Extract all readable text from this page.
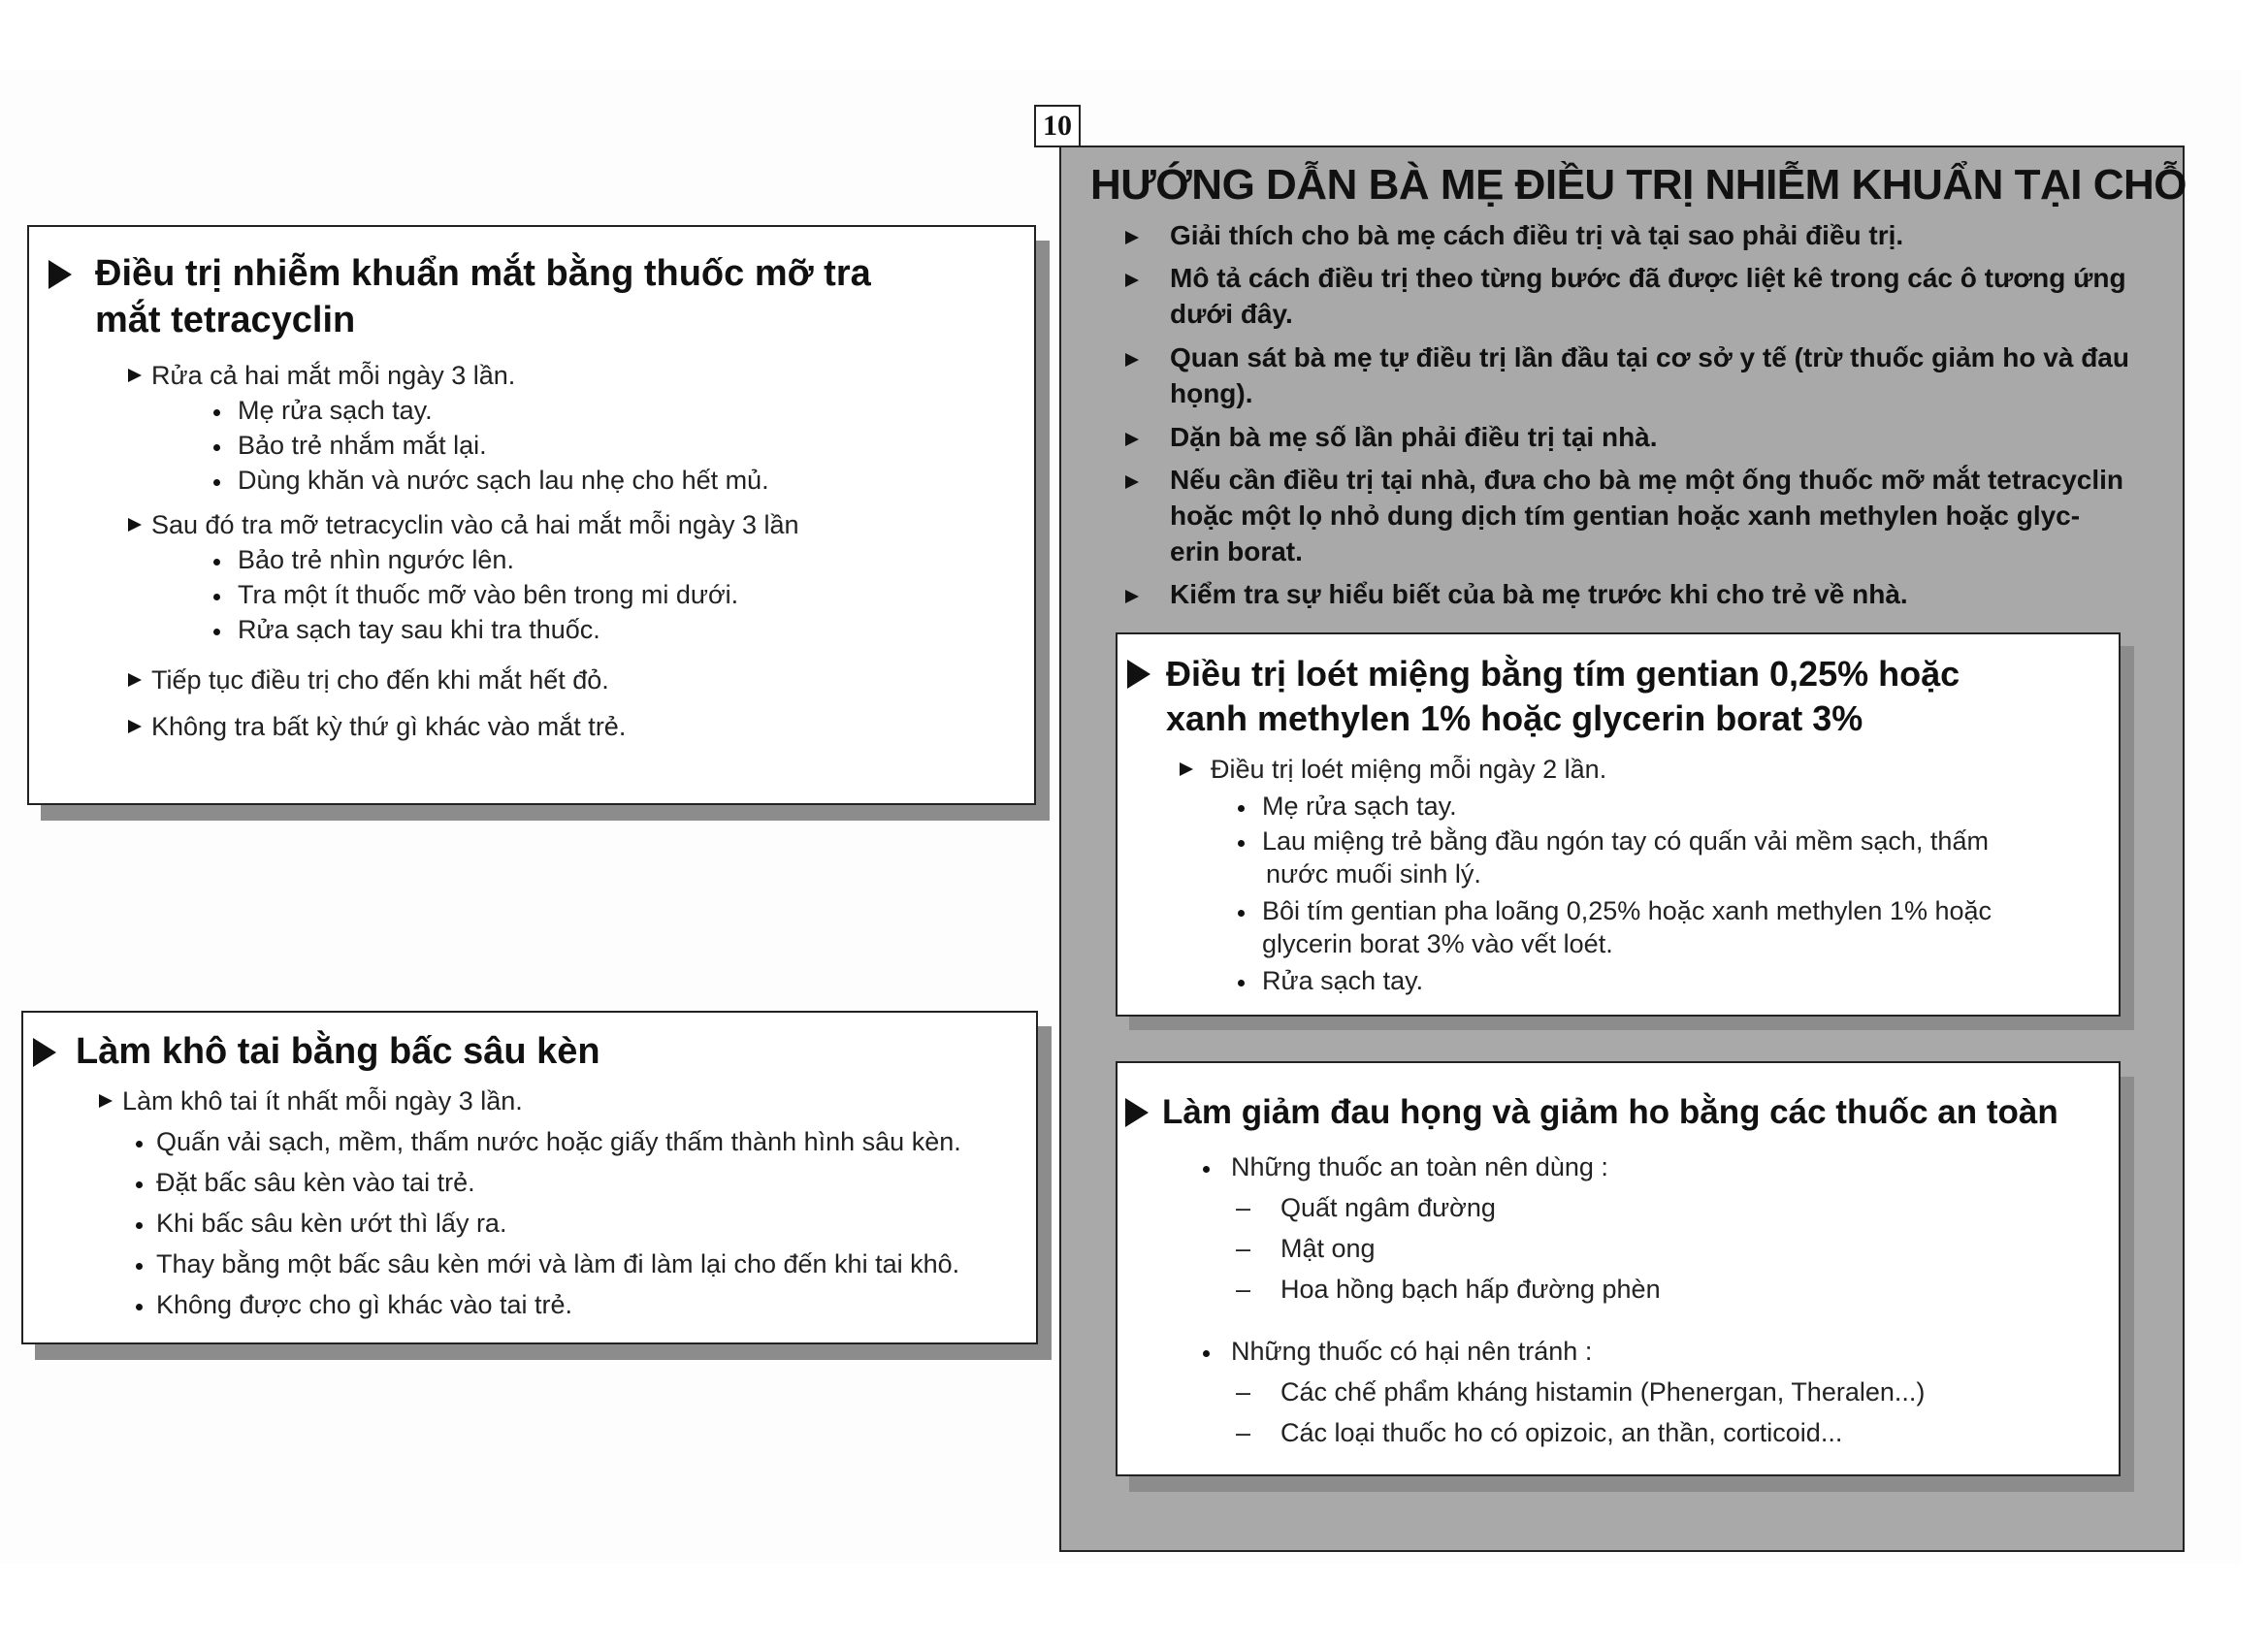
10
Điều trị nhiễm khuẩn mắt bằng thuốc mỡ tra
mắt tetracyclin
Rửa cả hai mắt mỗi ngày 3 lần.
Mẹ rửa sạch tay.
Bảo trẻ nhắm mắt lại.
Dùng khăn và nước sạch lau nhẹ cho hết mủ.
Sau đó tra mỡ tetracyclin vào cả hai mắt mỗi ngày 3 lần
Bảo trẻ nhìn ngước lên.
Tra một ít thuốc mỡ vào bên trong mi dưới.
Rửa sạch tay sau khi tra thuốc.
Tiếp tục điều trị cho đến khi mắt hết đỏ.
Không tra bất kỳ thứ gì khác vào mắt trẻ.
Làm khô tai bằng bấc sâu kèn
Làm khô tai ít nhất mỗi ngày 3 lần.
Quấn vải sạch, mềm, thấm nước hoặc giấy thấm thành hình sâu kèn.
Đặt bấc sâu kèn vào tai trẻ.
Khi bấc sâu kèn ướt thì lấy ra.
Thay bằng một bấc sâu kèn mới và làm đi làm lại cho đến khi tai khô.
Không được cho gì khác vào tai trẻ.
HƯỚNG DẪN BÀ MẸ ĐIỀU TRỊ NHIỄM KHUẨN TẠI CHỖ
Giải thích cho bà mẹ cách điều trị và tại sao phải điều trị.
Mô tả cách điều trị theo từng bước đã được liệt kê trong các ô tương ứng
dưới đây.
Quan sát bà mẹ tự điều trị lần đầu tại cơ sở y tế (trừ thuốc giảm ho và đau
họng).
Dặn bà mẹ số lần phải điều trị tại nhà.
Nếu cần điều trị tại nhà, đưa cho bà mẹ một ống thuốc mỡ mắt tetracyclin
hoặc một lọ nhỏ dung dịch tím gentian hoặc xanh methylen hoặc glyc-
erin borat.
Kiểm tra sự hiểu biết của bà mẹ trước khi cho trẻ về nhà.
Điều trị loét miệng bằng tím gentian 0,25% hoặc
xanh methylen 1% hoặc glycerin borat 3%
Điều trị loét miệng mỗi ngày 2 lần.
Mẹ rửa sạch tay.
Lau miệng trẻ bằng đầu ngón tay có quấn vải mềm sạch, thấm
nước muối sinh lý.
Bôi tím gentian pha loãng 0,25% hoặc xanh methylen 1% hoặc
glycerin borat 3% vào vết loét.
Rửa sạch tay.
Làm giảm đau họng và giảm ho bằng các thuốc an toàn
Những thuốc an toàn nên dùng :
–	Quất ngâm đường
–	Mật ong
–	Hoa hồng bạch hấp đường phèn
Những thuốc có hại nên tránh :
–	Các chế phẩm kháng histamin (Phenergan, Theralen...)
–	Các loại thuốc ho có opizoic, an thần, corticoid...
